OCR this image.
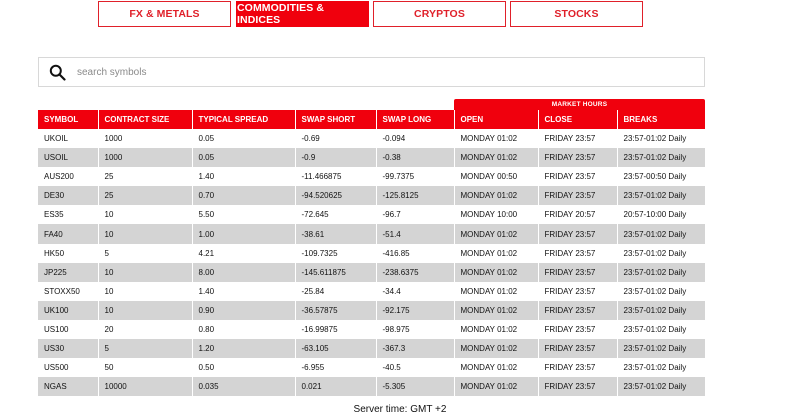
FX & METALS	COMMODITIES & INDICES	CRYPTOS	STOCKS
search symbols
MARKET HOURS
SYMBOL	CONTRACT SIZE	TYPICAL SPREAD	SWAP SHORT	SWAP LONG	OPEN	CLOSE	BREAKS
UKOIL	1000	0.05	-0.69	-0.094	MONDAY 01:02	FRIDAY 23:57	23:57-01:02 Daily
USOIL	1000	0.05	-0.9	-0.38	MONDAY 01:02	FRIDAY 23:57	23:57-01:02 Daily
AUS200	25	1.40	-11.466875	-99.7375	MONDAY 00:50	FRIDAY 23:57	23:57-00:50 Daily
DE30	25	0.70	-94.520625	-125.8125	MONDAY 01:02	FRIDAY 23:57	23:57-01:02 Daily
ES35	10	5.50	-72.645	-96.7	MONDAY 10:00	FRIDAY 20:57	20:57-10:00 Daily
FA40	10	1.00	-38.61	-51.4	MONDAY 01:02	FRIDAY 23:57	23:57-01:02 Daily
HK50	5	4.21	-109.7325	-416.85	MONDAY 01:02	FRIDAY 23:57	23:57-01:02 Daily
JP225	10	8.00	-145.611875	-238.6375	MONDAY 01:02	FRIDAY 23:57	23:57-01:02 Daily
STOXX50	10	1.40	-25.84	-34.4	MONDAY 01:02	FRIDAY 23:57	23:57-01:02 Daily
UK100	10	0.90	-36.57875	-92.175	MONDAY 01:02	FRIDAY 23:57	23:57-01:02 Daily
US100	20	0.80	-16.99875	-98.975	MONDAY 01:02	FRIDAY 23:57	23:57-01:02 Daily
US30	5	1.20	-63.105	-367.3	MONDAY 01:02	FRIDAY 23:57	23:57-01:02 Daily
US500	50	0.50	-6.955	-40.5	MONDAY 01:02	FRIDAY 23:57	23:57-01:02 Daily
NGAS	10000	0.035	0.021	-5.305	MONDAY 01:02	FRIDAY 23:57	23:57-01:02 Daily
Server time: GMT +2
